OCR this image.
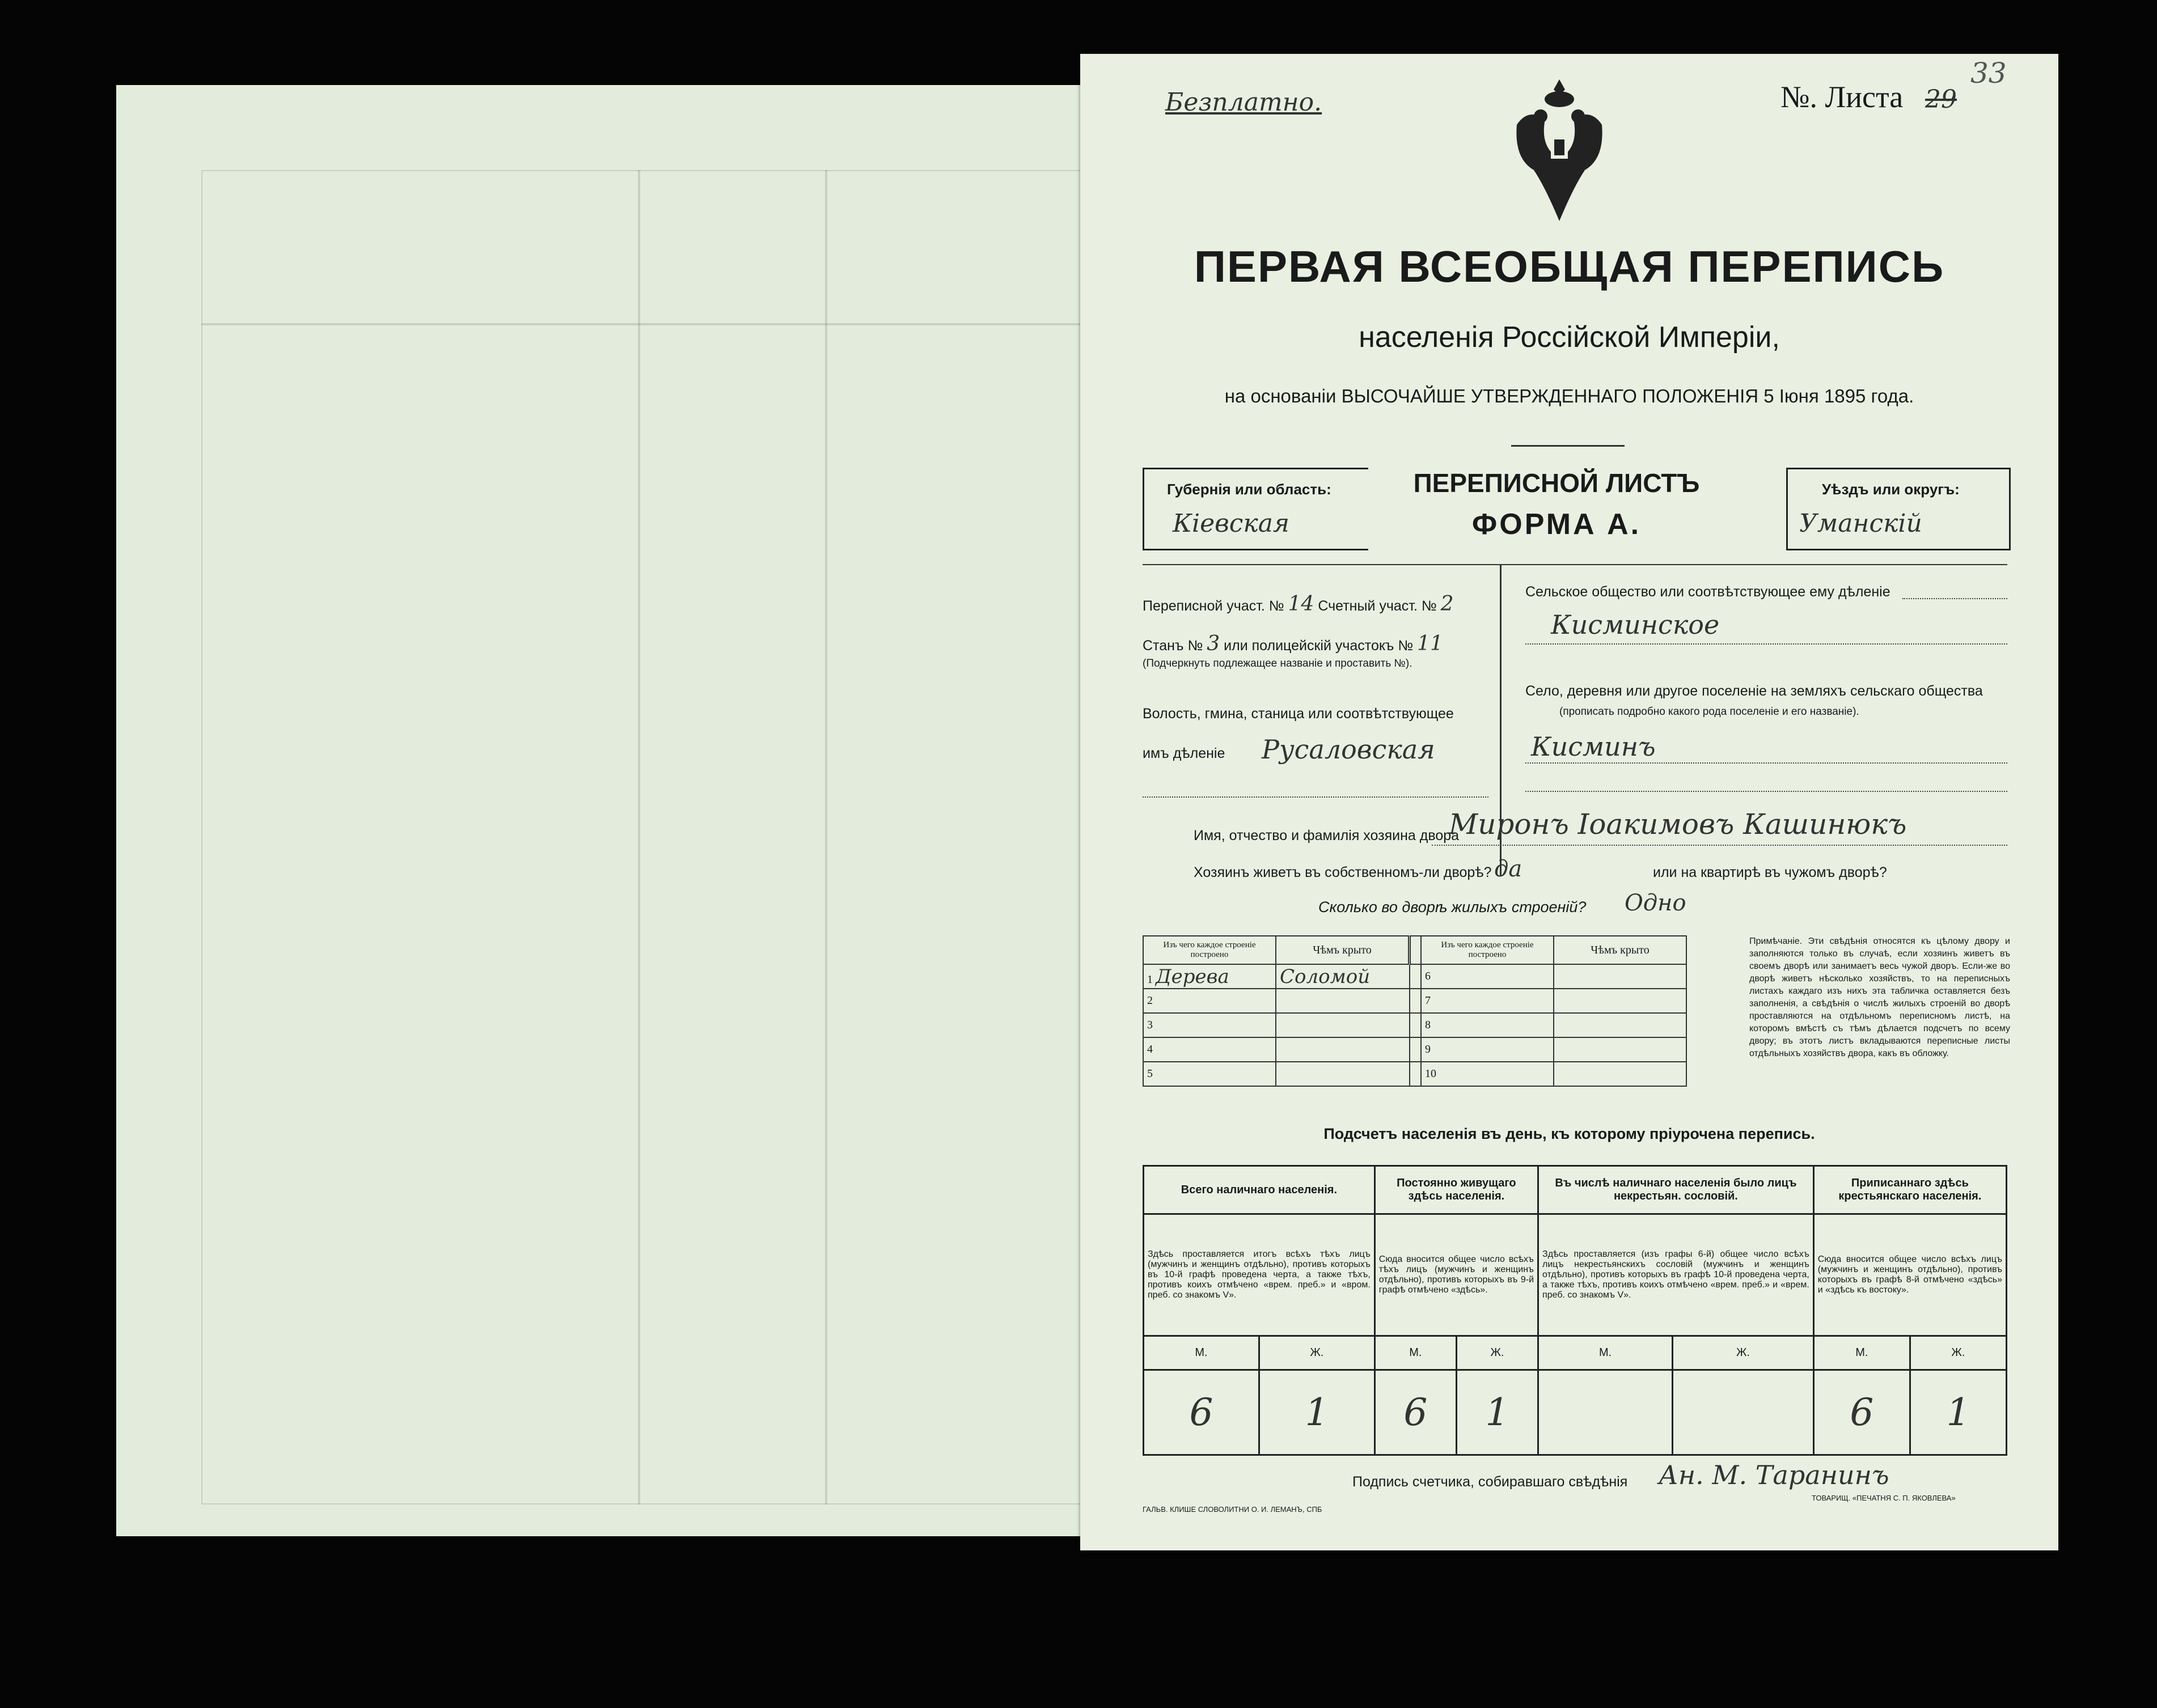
Безплатно.	№. Листа 29
33
ПЕРВАЯ ВСЕОБЩАЯ ПЕРЕПИСЬ
населенія Россійской Имперіи,
на основаніи ВЫСОЧАЙШЕ УТВЕРЖДЕННАГО ПОЛОЖЕНІЯ 5 Іюня 1895 года.
Губернія или область:
Кіевская
ПЕРЕПИСНОЙ ЛИСТЪ
ФОРМА А.
Уѣздъ или округъ:
Уманскій
Переписной участ. № 14 Счетный участ. № 2
Станъ № 3 или полицейскій участокъ № 11
(Подчеркнуть подлежащее названіе и проставить №).
Волость, гмина, станица или соотвѣтствующее
имъ дѣленіе Русаловская
Сельское общество или соотвѣтствующее ему дѣленіе
Кисминское
Село, деревня или другое поселеніе на земляхъ сельскаго общества
(прописать подробно какого рода поселеніе и его названіе).
Кисминъ
Имя, отчество и фамилія хозяина двора
Миронъ Іоакимовъ Кашинюкъ
Хозяинъ живетъ въ собственномъ-ли дворѣ? да	или на квартирѣ въ чужомъ дворѣ?
Сколько во дворѣ жилыхъ строеній? Одно
Изъ чего каждое строеніе построено	Чѣмъ крыто		Изъ чего каждое строеніе построено	Чѣмъ крыто
1 Дерева	Соломой		6	
2			7	
3			8	
4			9	
5			10	
Примѣчаніе. Эти свѣдѣнія относятся къ цѣлому двору и заполняются только въ случаѣ, если хозяинъ живетъ въ своемъ дворѣ или занимаетъ весь чужой дворъ. Если-же во дворѣ живетъ нѣсколько хозяйствъ, то на переписныхъ листахъ каждаго изъ нихъ эта табличка оставляется безъ заполненія, а свѣдѣнія о числѣ жилыхъ строеній во дворѣ проставляются на отдѣльномъ переписномъ листѣ, на которомъ вмѣстѣ съ тѣмъ дѣлается подсчетъ по всему двору; въ этотъ листъ вкладываются переписные листы отдѣльныхъ хозяйствъ двора, какъ въ обложку.
Подсчетъ населенія въ день, къ которому пріурочена перепись.
Всего наличнаго населенія.		Постоянно живущаго здѣсь населенія.		Въ числѣ наличнаго населенія было лицъ некрестьян. сословій.		Приписаннаго здѣсь крестьянскаго населенія.	
Здѣсь проставляется итогъ всѣхъ тѣхъ лицъ (мужчинъ и женщинъ отдѣльно), противъ которыхъ въ 10-й графѣ проведена черта, а также тѣхъ, противъ коихъ отмѣчено «врем. преб.» и «вром. преб. со знакомъ V».		Сюда вносится общее число всѣхъ тѣхъ лицъ (мужчинъ и женщинъ отдѣльно), противъ которыхъ въ 9-й графѣ отмѣчено «здѣсь».		Здѣсь проставляется (изъ графы 6-й) общее число всѣхъ лицъ некрестьянскихъ сословій (мужчинъ и женщинъ отдѣльно), противъ которыхъ въ графѣ 10-й проведена черта, а также тѣхъ, противъ коихъ отмѣчено «врем. преб.» и «врем. преб. со знакомъ V».		Сюда вносится общее число всѣхъ лицъ (мужчинъ и женщинъ отдѣльно), противъ которыхъ въ графѣ 8-й отмѣчено «здѣсь» и «здѣсь къ востоку».	
М.	Ж.	М.	Ж.	М.	Ж.	М.	Ж.
6	1	6	1			6	1
Подпись счетчика, собиравшаго свѣдѣнія Ан. М. Таранинъ
ГАЛЬВ. КЛИШЕ СЛОВОЛИТНИ О. И. ЛЕМАНЪ, СПБ
ТОВАРИЩ. «ПЕЧАТНЯ С. П. ЯКОВЛЕВА»
